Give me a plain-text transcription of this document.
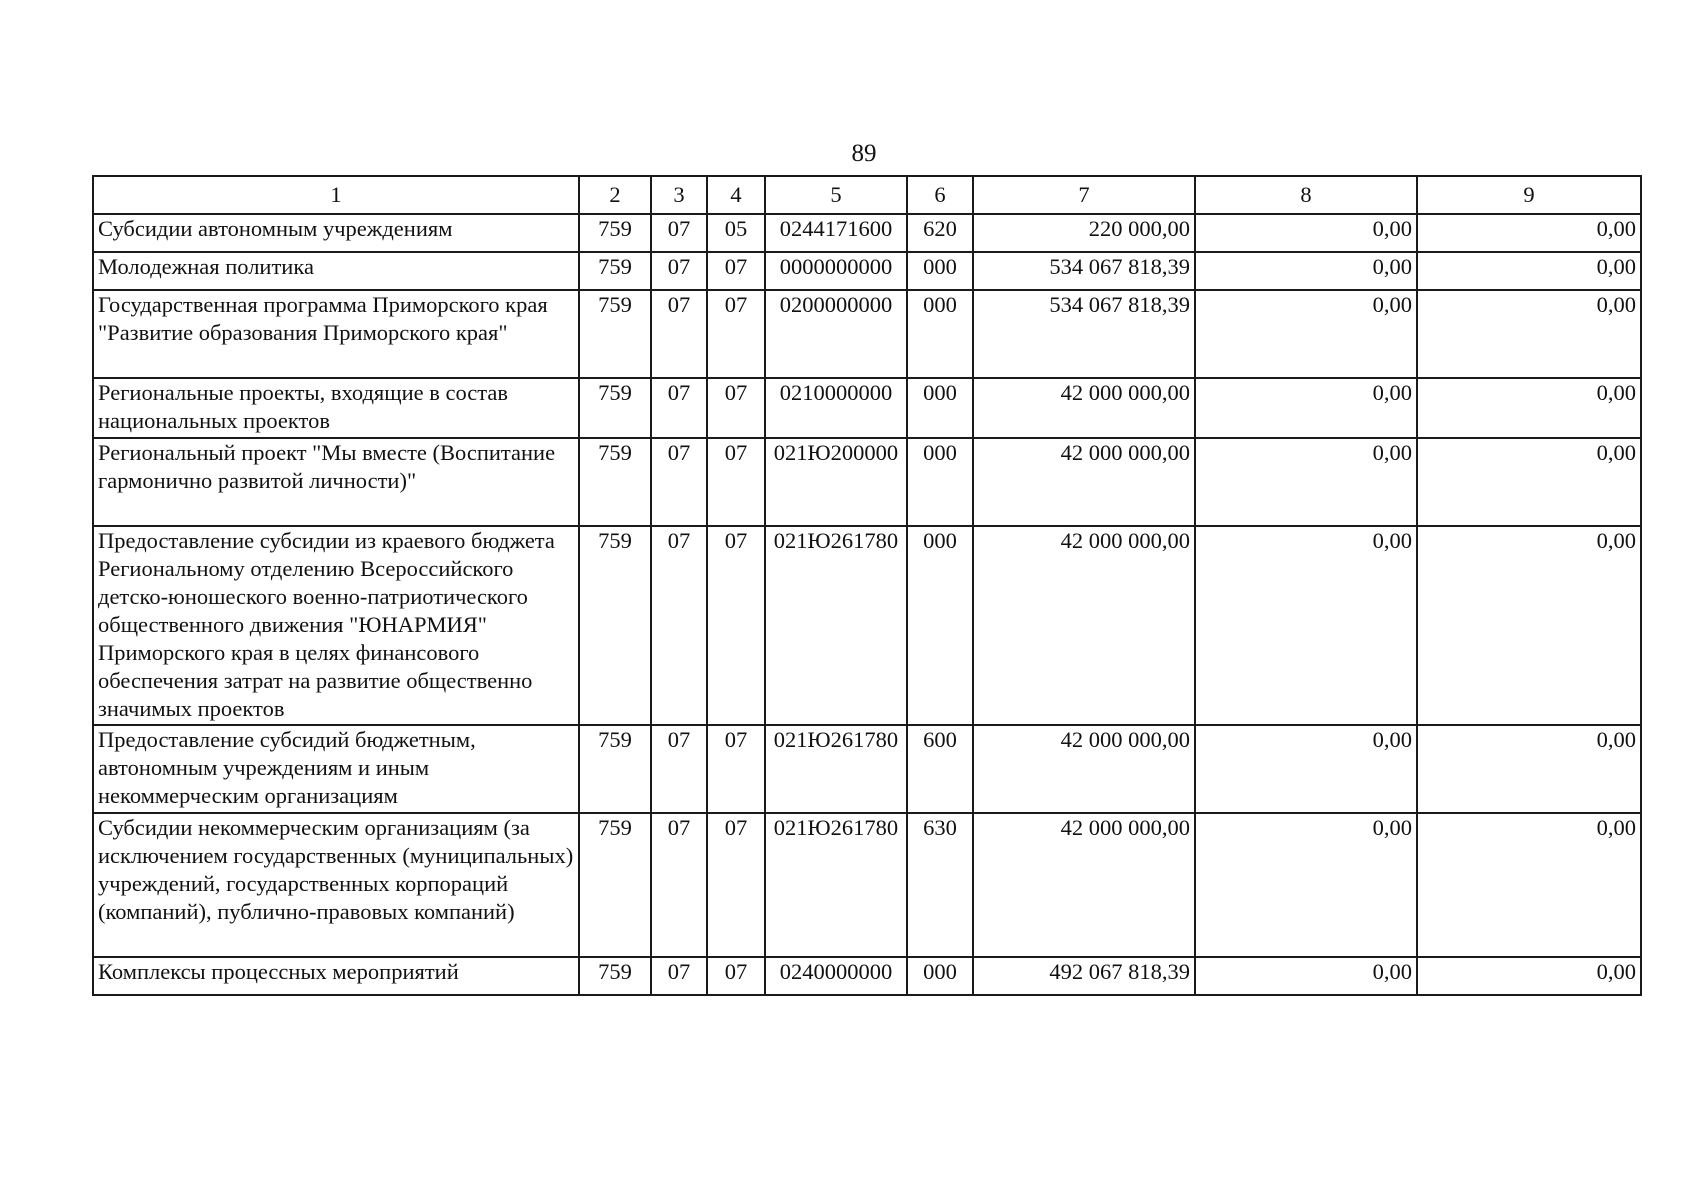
89
1	2	3	4	5	6	7	8	9
Субсидии автономным учреждениям	759	07	05	0244171600	620	220 000,00	0,00	0,00
Молодежная политика	759	07	07	0000000000	000	534 067 818,39	0,00	0,00
Государственная программа Приморского края "Развитие образования Приморского края"	759	07	07	0200000000	000	534 067 818,39	0,00	0,00
Региональные проекты, входящие в состав национальных проектов	759	07	07	0210000000	000	42 000 000,00	0,00	0,00
Региональный проект "Мы вместе (Воспитание гармонично развитой личности)"	759	07	07	021Ю200000	000	42 000 000,00	0,00	0,00
Предоставление субсидии из краевого бюджета Региональному отделению Всероссийского детско-юношеского военно-патриотического общественного движения "ЮНАРМИЯ" Приморского края в целях финансового обеспечения затрат на развитие общественно значимых проектов	759	07	07	021Ю261780	000	42 000 000,00	0,00	0,00
Предоставление субсидий бюджетным, автономным учреждениям и иным некоммерческим организациям	759	07	07	021Ю261780	600	42 000 000,00	0,00	0,00
Субсидии некоммерческим организациям (за исключением государственных (муниципальных) учреждений, государственных корпораций (компаний), публично-правовых компаний)	759	07	07	021Ю261780	630	42 000 000,00	0,00	0,00
Комплексы процессных мероприятий	759	07	07	0240000000	000	492 067 818,39	0,00	0,00
